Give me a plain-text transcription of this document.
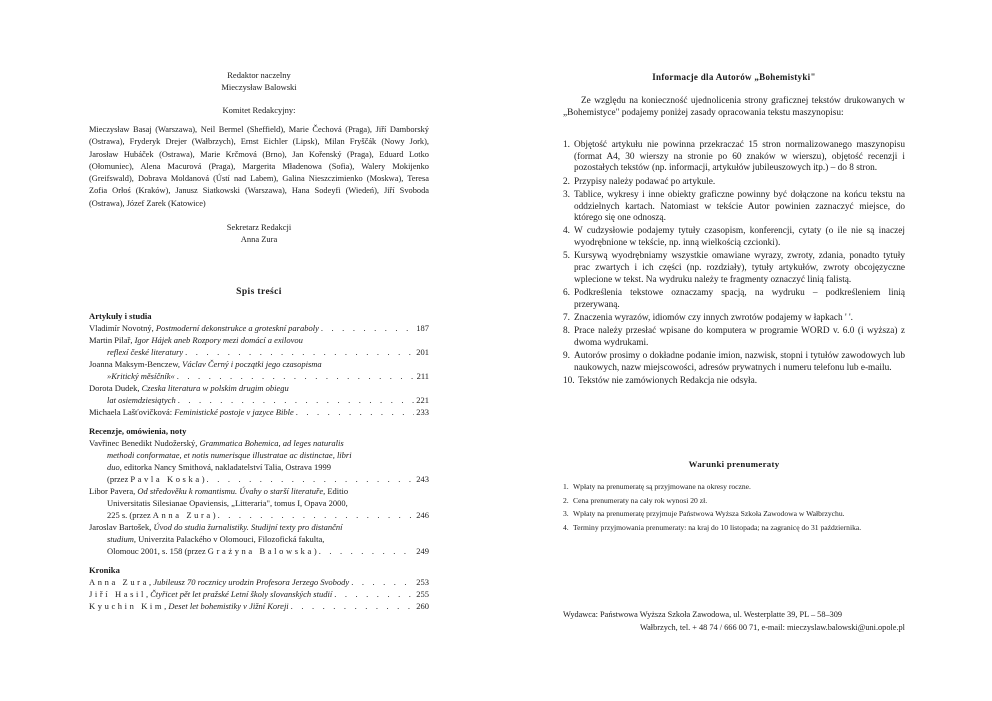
Redaktor naczelny

Mieczysław Balowski

Komitet Redakcyjny:

Mieczysław Basaj (Warszawa), Neil Bermel (Sheffield), Marie Čechová (Praga), Jiří Damborský (Ostrawa), Fryderyk Drejer (Wałbrzych), Ernst Eichler (Lipsk), Milan Fryščák (Nowy Jork), Jarosław Hubáček (Ostrawa), Marie Krčmová (Brno), Jan Kořenský (Praga), Eduard Lotko (Ołomuniec), Alena Macurová (Praga), Margerita Mładenowa (Sofia), Walery Mokijenko (Greifswald), Dobrava Moldanová (Ústí nad Labem), Galina Nieszczimienko (Moskwa), Teresa Zofia Orłoś (Kraków), Janusz Siatkowski (Warszawa), Hana Sodeyfi (Wiedeń), Jiří Svoboda (Ostrawa), Józef Zarek (Katowice)

Sekretarz Redakcji

Anna Zura

Spis treści

Artykuły i studia

Vladimír Novotný, Postmoderní dekonstrukce a groteskní paraboly . . .	187
Martin Pilař, Igor Hájek aneb Rozpory mezi domácí a exilovou
reflexí české literatury . . .	201
Joanna Maksym-Benczew, Václav Černý i początki jego czasopisma
»Kritický měsíčník« . . .	211
Dorota Dudek, Czeska literatura w polskim drugim obiegu
lat osiemdziesiątych . . .	221
Michaela Lašťovičková: Feministické postoje v jazyce Bible . . .	233

Recenzje, omówienia, noty

Vavřinec Benedikt Nudožerský, Grammatica Bohemica, ad leges naturalis
methodi conformatae, et notis numerisque illustratae ac distinctae, libri
duo, editorka Nancy Smithová, nakladatelství Talia, Ostrava 1999
(przez Pavla Koska) . . .	243
Libor Pavera, Od středověku k romantismu. Úvahy o starší literatuře, Editio
Universitatis Silesianae Opaviensis, „Litteraria", tomus I, Opava 2000,
225 s. (przez Anna Zura) . . .	246
Jaroslav Bartošek, Úvod do studia žurnalistiky. Studijní texty pro distanční
studium, Univerzita Palackého v Olomouci, Filozofická fakulta,
Olomouc 2001, s. 158 (przez Grażyna Balowska) . . .	249

Kronika

Anna Zura, Jubileusz 70 rocznicy urodzin Profesora Jerzego Svobody . . .	253
Jiří Hasil, Čtyřicet pět let pražské Letní školy slovanských studií . . .	255
Kyuchin Kim, Deset let bohemistiky v Jižní Koreji . . .	260
Informacje dla Autorów „Bohemistyki"

Ze względu na konieczność ujednolicenia strony graficznej tekstów drukowanych w „Bohemistyce" podajemy poniżej zasady opracowania tekstu maszynopisu:

1. Objętość artykułu nie powinna przekraczać 15 stron normalizowanego maszynopisu (format A4, 30 wierszy na stronie po 60 znaków w wierszu), objętość recenzji i pozostałych tekstów (np. informacji, artykułów jubileuszowych itp.) – do 8 stron.
2. Przypisy należy podawać po artykule.
3. Tablice, wykresy i inne obiekty graficzne powinny być dołączone na końcu tekstu na oddzielnych kartach. Natomiast w tekście Autor powinien zaznaczyć miejsce, do którego się one odnoszą.
4. W cudzysłowie podajemy tytuły czasopism, konferencji, cytaty (o ile nie są inaczej wyodrębnione w tekście, np. inną wielkością czcionki).
5. Kursywą wyodrębniamy wszystkie omawiane wyrazy, zwroty, zdania, ponadto tytuły prac zwartych i ich części (np. rozdziały), tytuły artykułów, zwroty obcojęzyczne wplecione w tekst. Na wydruku należy te fragmenty oznaczyć linią falistą.
6. Podkreślenia tekstowe oznaczamy spacją, na wydruku – podkreśleniem linią przerywaną.
7. Znaczenia wyrazów, idiomów czy innych zwrotów podajemy w łapkach ' '.
8. Prace należy przesłać wpisane do komputera w programie WORD v. 6.0 (i wyższa) z dwoma wydrukami.
9. Autorów prosimy o dokładne podanie imion, nazwisk, stopni i tytułów zawodowych lub naukowych, nazw miejscowości, adresów prywatnych i numeru telefonu lub e-mailu.
10. Tekstów nie zamówionych Redakcja nie odsyła.
Warunki prenumeraty
1. Wpłaty na prenumeratę są przyjmowane na okresy roczne.
2. Cena prenumeraty na cały rok wynosi 20 zł.
3. Wpłaty na prenumeratę przyjmuje Państwowa Wyższa Szkoła Zawodowa w Wałbrzychu.
4. Terminy przyjmowania prenumeraty: na kraj do 10 listopada; na zagranicę do 31 października.
Wydawca: Państwowa Wyższa Szkoła Zawodowa, ul. Westerplatte 39, PL – 58–309
Wałbrzych, tel. + 48 74 / 666 00 71, e-mail: mieczyslaw.balowski@uni.opole.pl
